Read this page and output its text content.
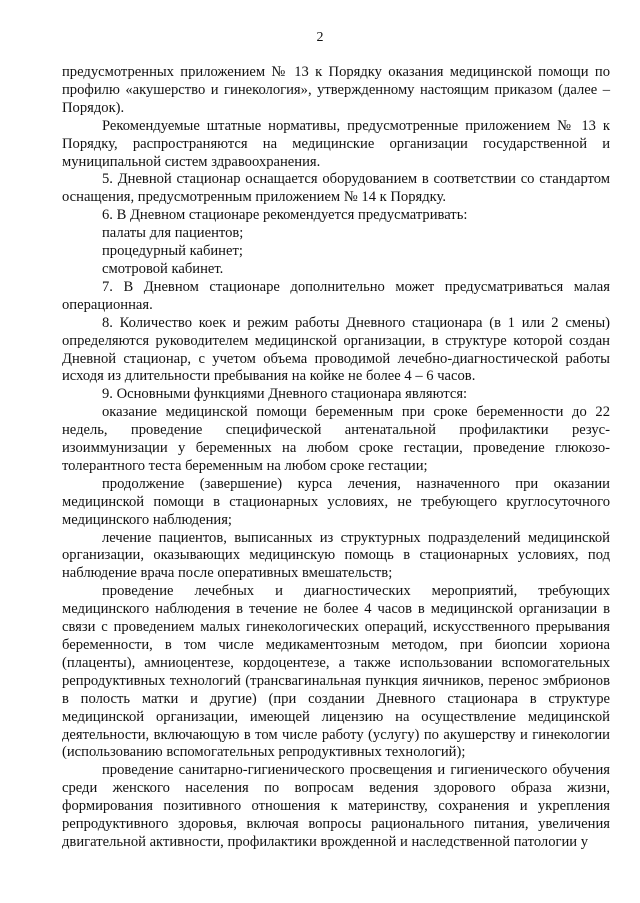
2

предусмотренных приложением № 13 к Порядку оказания медицинской помощи по профилю «акушерство и гинекология», утвержденному настоящим приказом (далее – Порядок).

Рекомендуемые штатные нормативы, предусмотренные приложением № 13 к Порядку, распространяются на медицинские организации государственной и муниципальной систем здравоохранения.

5. Дневной стационар оснащается оборудованием в соответствии со стандартом оснащения, предусмотренным приложением № 14 к Порядку.

6. В Дневном стационаре рекомендуется предусматривать:

палаты для пациентов;

процедурный кабинет;

смотровой кабинет.

7. В Дневном стационаре дополнительно может предусматриваться малая операционная.

8. Количество коек и режим работы Дневного стационара (в 1 или 2 смены) определяются руководителем медицинской организации, в структуре которой создан Дневной стационар, с учетом объема проводимой лечебно-диагностической работы исходя из длительности пребывания на койке не более 4 – 6 часов.

9. Основными функциями Дневного стационара являются:

оказание медицинской помощи беременным при сроке беременности до 22 недель, проведение специфической антенатальной профилактики резус-изоиммунизации у беременных на любом сроке гестации, проведение глюкозо-толерантного теста беременным на любом сроке гестации;

продолжение (завершение) курса лечения, назначенного при оказании медицинской помощи в стационарных условиях, не требующего круглосуточного медицинского наблюдения;

лечение пациентов, выписанных из структурных подразделений медицинской организации, оказывающих медицинскую помощь в стационарных условиях, под наблюдение врача после оперативных вмешательств;

проведение лечебных и диагностических мероприятий, требующих медицинского наблюдения в течение не более 4 часов в медицинской организации в связи с проведением малых гинекологических операций, искусственного прерывания беременности, в том числе медикаментозным методом, при биопсии хориона (плаценты), амниоцентезе, кордоцентезе, а также использовании вспомогательных репродуктивных технологий (трансвагинальная пункция яичников, перенос эмбрионов в полость матки и другие) (при создании Дневного стационара в структуре медицинской организации, имеющей лицензию на осуществление медицинской деятельности, включающую в том числе работу (услугу) по акушерству и гинекологии (использованию вспомогательных репродуктивных технологий);

проведение санитарно-гигиенического просвещения и гигиенического обучения среди женского населения по вопросам ведения здорового образа жизни, формирования позитивного отношения к материнству, сохранения и укрепления репродуктивного здоровья, включая вопросы рационального питания, увеличения двигательной активности, профилактики врожденной и наследственной патологии у
